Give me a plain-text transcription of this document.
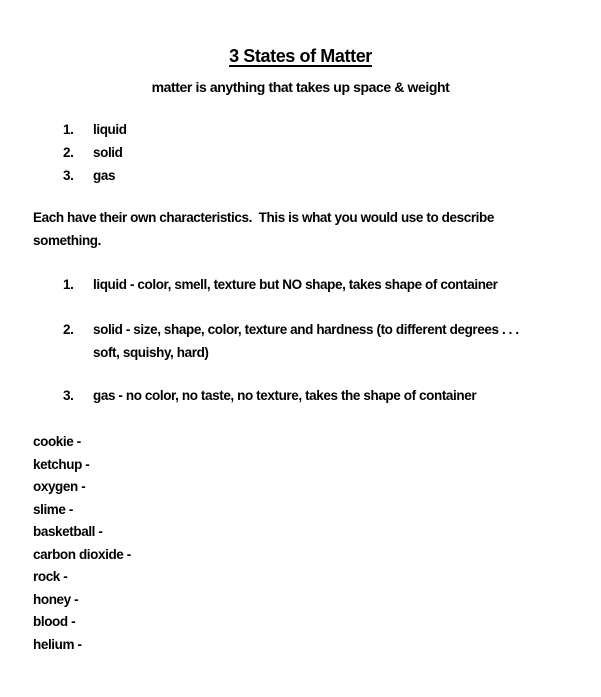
3 States of Matter
matter is anything that takes up space & weight
1.	liquid
2.	solid
3.	gas
Each have their own characteristics.  This is what you would use to describe
something.
1.	liquid - color, smell, texture but NO shape, takes shape of container
2.	solid - size, shape, color, texture and hardness (to different degrees . . .
soft, squishy, hard)
3.	gas - no color, no taste, no texture, takes the shape of container
cookie -
ketchup -
oxygen -
slime -
basketball -
carbon dioxide -
rock -
honey -
blood -
helium -
